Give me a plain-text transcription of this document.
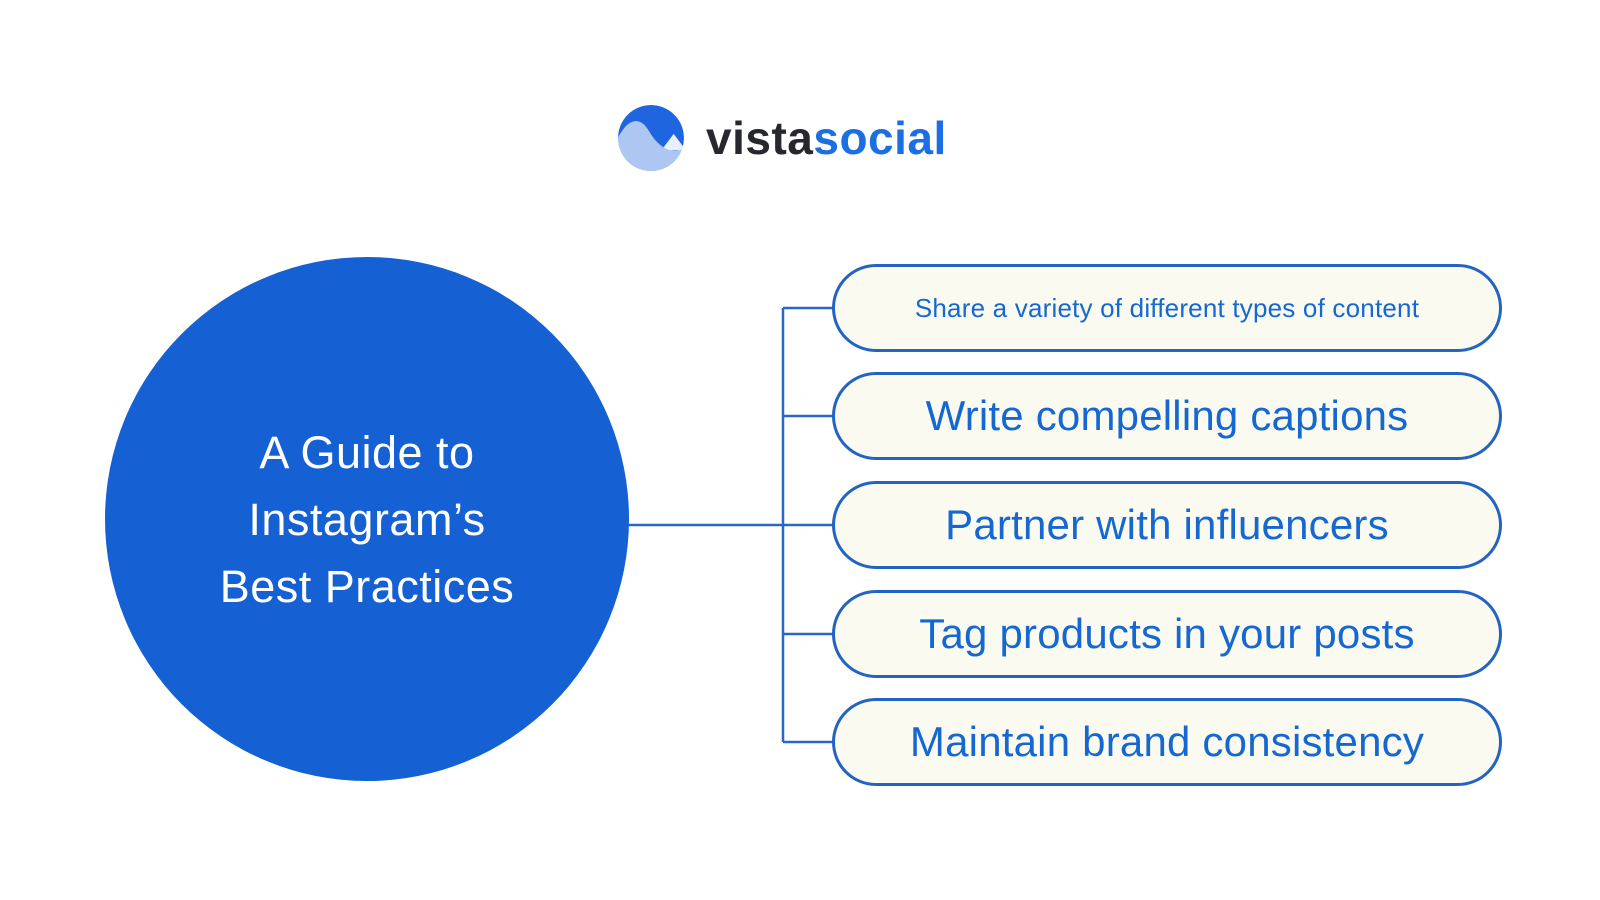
vistasocial
A Guide to
Instagram’s
Best Practices
Share a variety of different types of content
Write compelling captions
Partner with influencers
Tag products in your posts
Maintain brand consistency
